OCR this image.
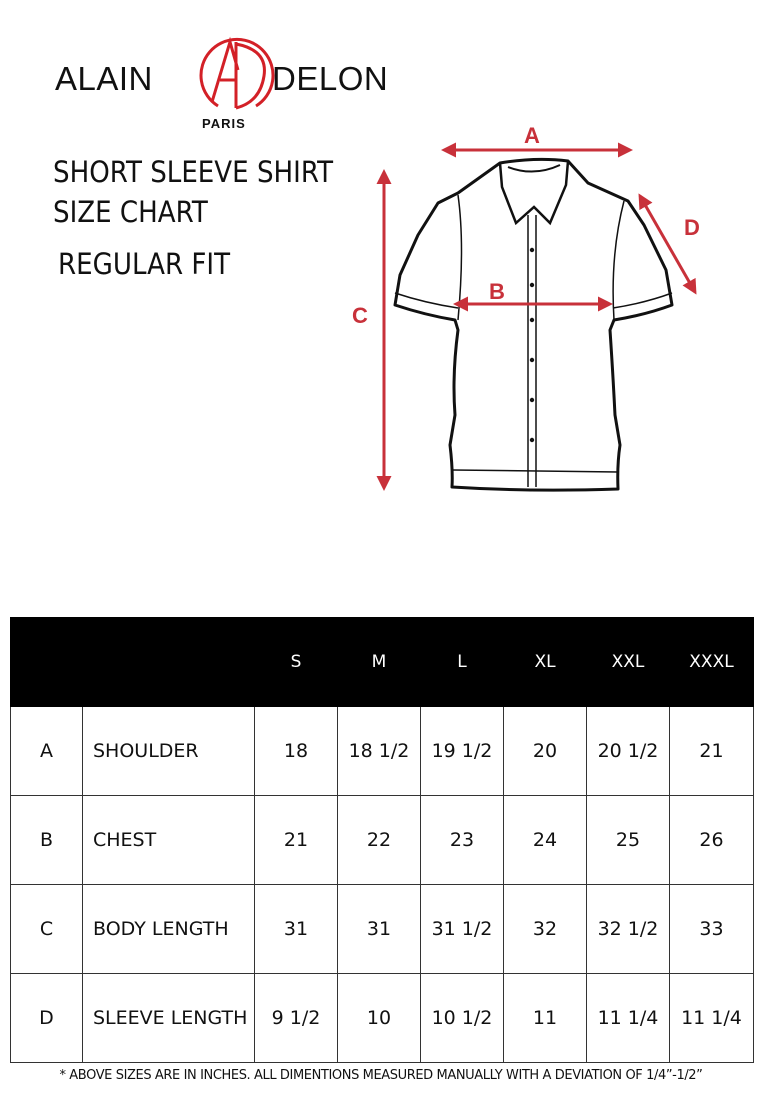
ALAIN	DELON
PARIS
SHORT SLEEVE SHIRT
SIZE CHART
REGULAR FIT
A
B
C
D
		S	M	L	XL	XXL	XXXL
A	SHOULDER	18	18 1/2	19 1/2	20	20 1/2	21
B	CHEST	21	22	23	24	25	26
C	BODY LENGTH	31	31	31 1/2	32	32 1/2	33
D	SLEEVE LENGTH	9 1/2	10	10 1/2	11	11 1/4	11 1/4
* ABOVE SIZES ARE IN INCHES. ALL DIMENTIONS MEASURED MANUALLY WITH A DEVIATION OF 1/4”-1/2”
